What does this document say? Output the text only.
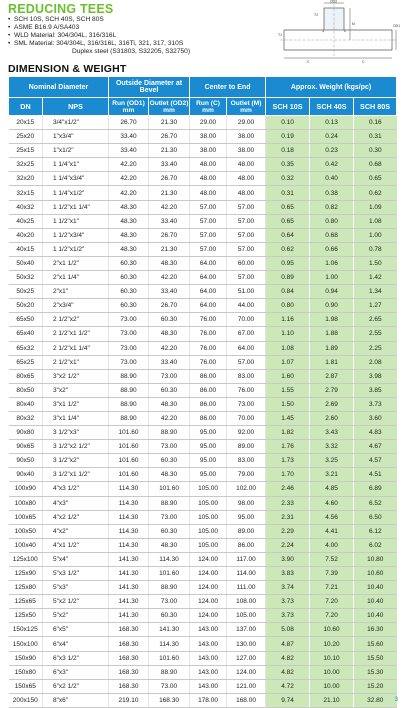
REDUCING TEES
• SCH 10S, SCH 40S, SCH 80S
• ASME B16.9 A/SA403
• WLD Material: 304/304L, 316/316L
• SML Material: 304/304L, 316/316L, 316Ti, 321, 317, 310S
Duplex steel (S31803, S32205, S32750)
OD2
T2
T1
OD1
M
C	C
DIMENSION & WEIGHT
Nominal Diameter		Outside Diameter at Bevel		Center to End		Approx. Weight (kgs/pc)		
DN	NPS	Run (OD1) mm	Outlet (OD2) mm	Run (C) mm	Outlet (M) mm	SCH 10S	SCH 40S	SCH 80S
20x15	3/4"x1/2"	26.70	21.30	29.00	29.00	0.10	0.13	0.16
25x20	1"x3/4"	33.40	26.70	38.00	38.00	0.19	0.24	0.31
25x15	1"x1/2"	33.40	21.30	38.00	38.00	0.18	0.23	0.30
32x25	1 1/4"x1"	42.20	33.40	48.00	48.00	0.35	0.42	0.68
32x20	1 1/4"x3/4"	42.20	26.70	48.00	48.00	0.32	0.40	0.65
32x15	1 1/4"x1/2"	42.20	21.30	48.00	48.00	0.31	0.38	0.62
40x32	1 1/2"x1 1/4"	48.30	42.20	57.00	57.00	0.65	0.82	1.09
40x25	1 1/2"x1"	48.30	33.40	57.00	57.00	0.65	0.80	1.08
40x20	1 1/2"x3/4"	48.30	26.70	57.00	57.00	0.64	0.68	1.00
40x15	1 1/2"x1/2"	48.30	21.30	57.00	57.00	0.62	0.66	0.78
50x40	2"x1 1/2"	60.30	48.30	64.00	60.00	0.95	1.06	1.50
50x32	2"x1 1/4"	60.30	42.20	64.00	57.00	0.89	1.00	1.42
50x25	2"x1"	60.30	33.40	64.00	51.00	0.84	0.94	1.34
50x20	2"x3/4"	60.30	26.70	64.00	44.00	0.80	0.90	1.27
65x50	2 1/2"x2"	73.00	60.30	76.00	70.00	1.16	1.98	2.65
65x40	2 1/2"x1 1/2"	73.00	48.30	76.00	67.00	1.10	1.88	2.55
65x32	2 1/2"x1 1/4"	73.00	42.20	76.00	64.00	1.08	1.89	2.25
65x25	2 1/2"x1"	73.00	33.40	76.00	57.00	1.07	1.81	2.08
80x65	3"x2 1/2"	88.90	73.00	86.00	83.00	1.60	2.87	3.98
80x50	3"x2"	88.90	60.30	86.00	76.00	1.55	2.79	3.85
80x40	3"x1 1/2"	88.90	48.30	86.00	73.00	1.50	2.69	3.73
80x32	3"x1 1/4"	88.90	42.20	86.00	70.00	1.45	2.60	3.60
90x80	3 1/2"x3"	101.60	88.90	95.00	92.00	1.82	3.43	4.83
90x65	3 1/2"x2 1/2"	101.60	73.00	95.00	89.00	1.76	3.32	4.67
90x50	3 1/2"x2"	101.60	60.30	95.00	83.00	1.73	3.25	4.57
90x40	3 1/2"x1 1/2"	101.60	48.30	95.00	79.00	1.70	3.21	4.51
100x90	4"x3 1/2"	114.30	101.60	105.00	102.00	2.46	4.85	6.89
100x80	4"x3"	114.30	88.90	105.00	98.00	2.33	4.60	6.52
100x65	4"x2 1/2"	114.30	73.00	105.00	95.00	2.31	4.56	6.50
100x50	4"x2"	114.30	60.30	105.00	89.00	2.29	4.41	6.12
100x40	4"x1 1/2"	114.30	48.30	105.00	86.00	2.24	4.00	6.02
125x100	5"x4"	141.30	114.30	124.00	117.00	3.90	7.52	10.80
125x90	5"x3 1/2"	141.30	101.60	124.00	114.00	3.83	7.39	10.60
125x80	5"x3"	141.30	88.90	124.00	111.00	3.74	7.21	10.40
125x65	5"x2 1/2"	141.30	73.00	124.00	108.00	3.73	7.20	10.40
125x50	5"x2"	141.30	60.30	124.00	105.00	3.73	7.20	10.40
150x125	6"x5"	168.30	141.30	143.00	137.00	5.08	10.60	16.30
150x100	6"x4"	168.30	114.30	143.00	130.00	4.87	10.20	15.60
150x90	6"x3 1/2"	168.30	101.60	143.00	127.00	4.82	10.10	15.50
150x80	6"x3"	168.30	88.90	143.00	124.00	4.82	10.00	15.30
150x65	6"x2 1/2"	168.30	73.00	143.00	121.00	4.72	10.00	15.20
200x150	8"x6"	219.10	168.30	178.00	168.00	9.74	21.10	32.80 3
